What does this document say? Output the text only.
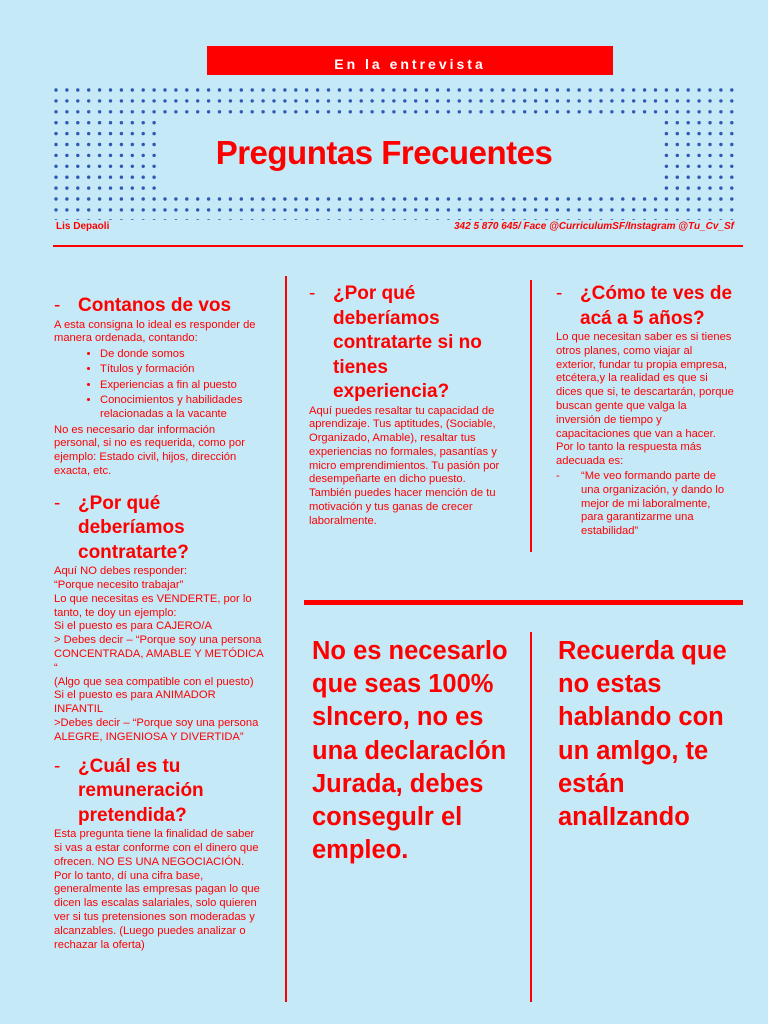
En la entrevista
Preguntas Frecuentes
Lis Depaoli	342 5 870 645/ Face @CurriculumSF/Instagram @Tu_Cv_Sf
- Contanos de vos

A esta consigna lo ideal es responder de manera ordenada, contando:

• De donde somos
• Títulos y formación
• Experiencias a fin al puesto
• Conocimientos y habilidades relacionadas a la vacante

No es necesario dar información personal, si no es requerida, como por ejemplo: Estado civil, hijos, dirección exacta, etc.

- ¿Por qué deberíamos contratarte?
Aquí NO debes responder:
“Porque necesito trabajar”
Lo que necesitas es VENDERTE, por lo tanto, te doy un ejemplo:
Si el puesto es para CAJERO/A
> Debes decir – “Porque soy una persona CONCENTRADA, AMABLE Y METÓDICA “
(Algo que sea compatible con el puesto)
Si el puesto es para ANIMADOR INFANTIL
>Debes decir – “Porque soy una persona ALEGRE, INGENIOSA Y DIVERTIDA”
- ¿Cuál es tu remuneración pretendida?

Esta pregunta tiene la finalidad de saber si vas a estar conforme con el dinero que ofrecen. NO ES UNA NEGOCIACIÓN. Por lo tanto, dí una cifra base, generalmente las empresas pagan lo que dicen las escalas salariales, solo quieren ver si tus pretensiones son moderadas y alcanzables. (Luego puedes analizar o rechazar la oferta)

- ¿Por qué deberíamos contratarte si no tienes experiencia?

Aquí puedes resaltar tu capacidad de aprendizaje. Tus aptitudes, (Sociable, Organizado, Amable), resaltar tus experiencias no formales, pasantías y micro emprendimientos. Tu pasión por desempeñarte en dicho puesto. También puedes hacer mención de tu motivación y tus ganas de crecer laboralmente.

- ¿Cómo te ves de acá a 5 años?

Lo que necesitan saber es si tienes otros planes, como viajar al exterior, fundar tu propia empresa, etcétera,y la realidad es que si dices que si, te descartarán, porque buscan gente que valga la inversión de tiempo y capacitaciones que van a hacer. Por lo tanto la respuesta más adecuada es:

- “Me veo formando parte de una organización, y dando lo mejor de mi laboralmente, para garantizarme una estabilidad”
No es necesarlo que seas 100% slncero, no es una declaraclón Jurada, debes consegulr el empleo.
Recuerda que no estas hablando con un amlgo, te están analIzando
